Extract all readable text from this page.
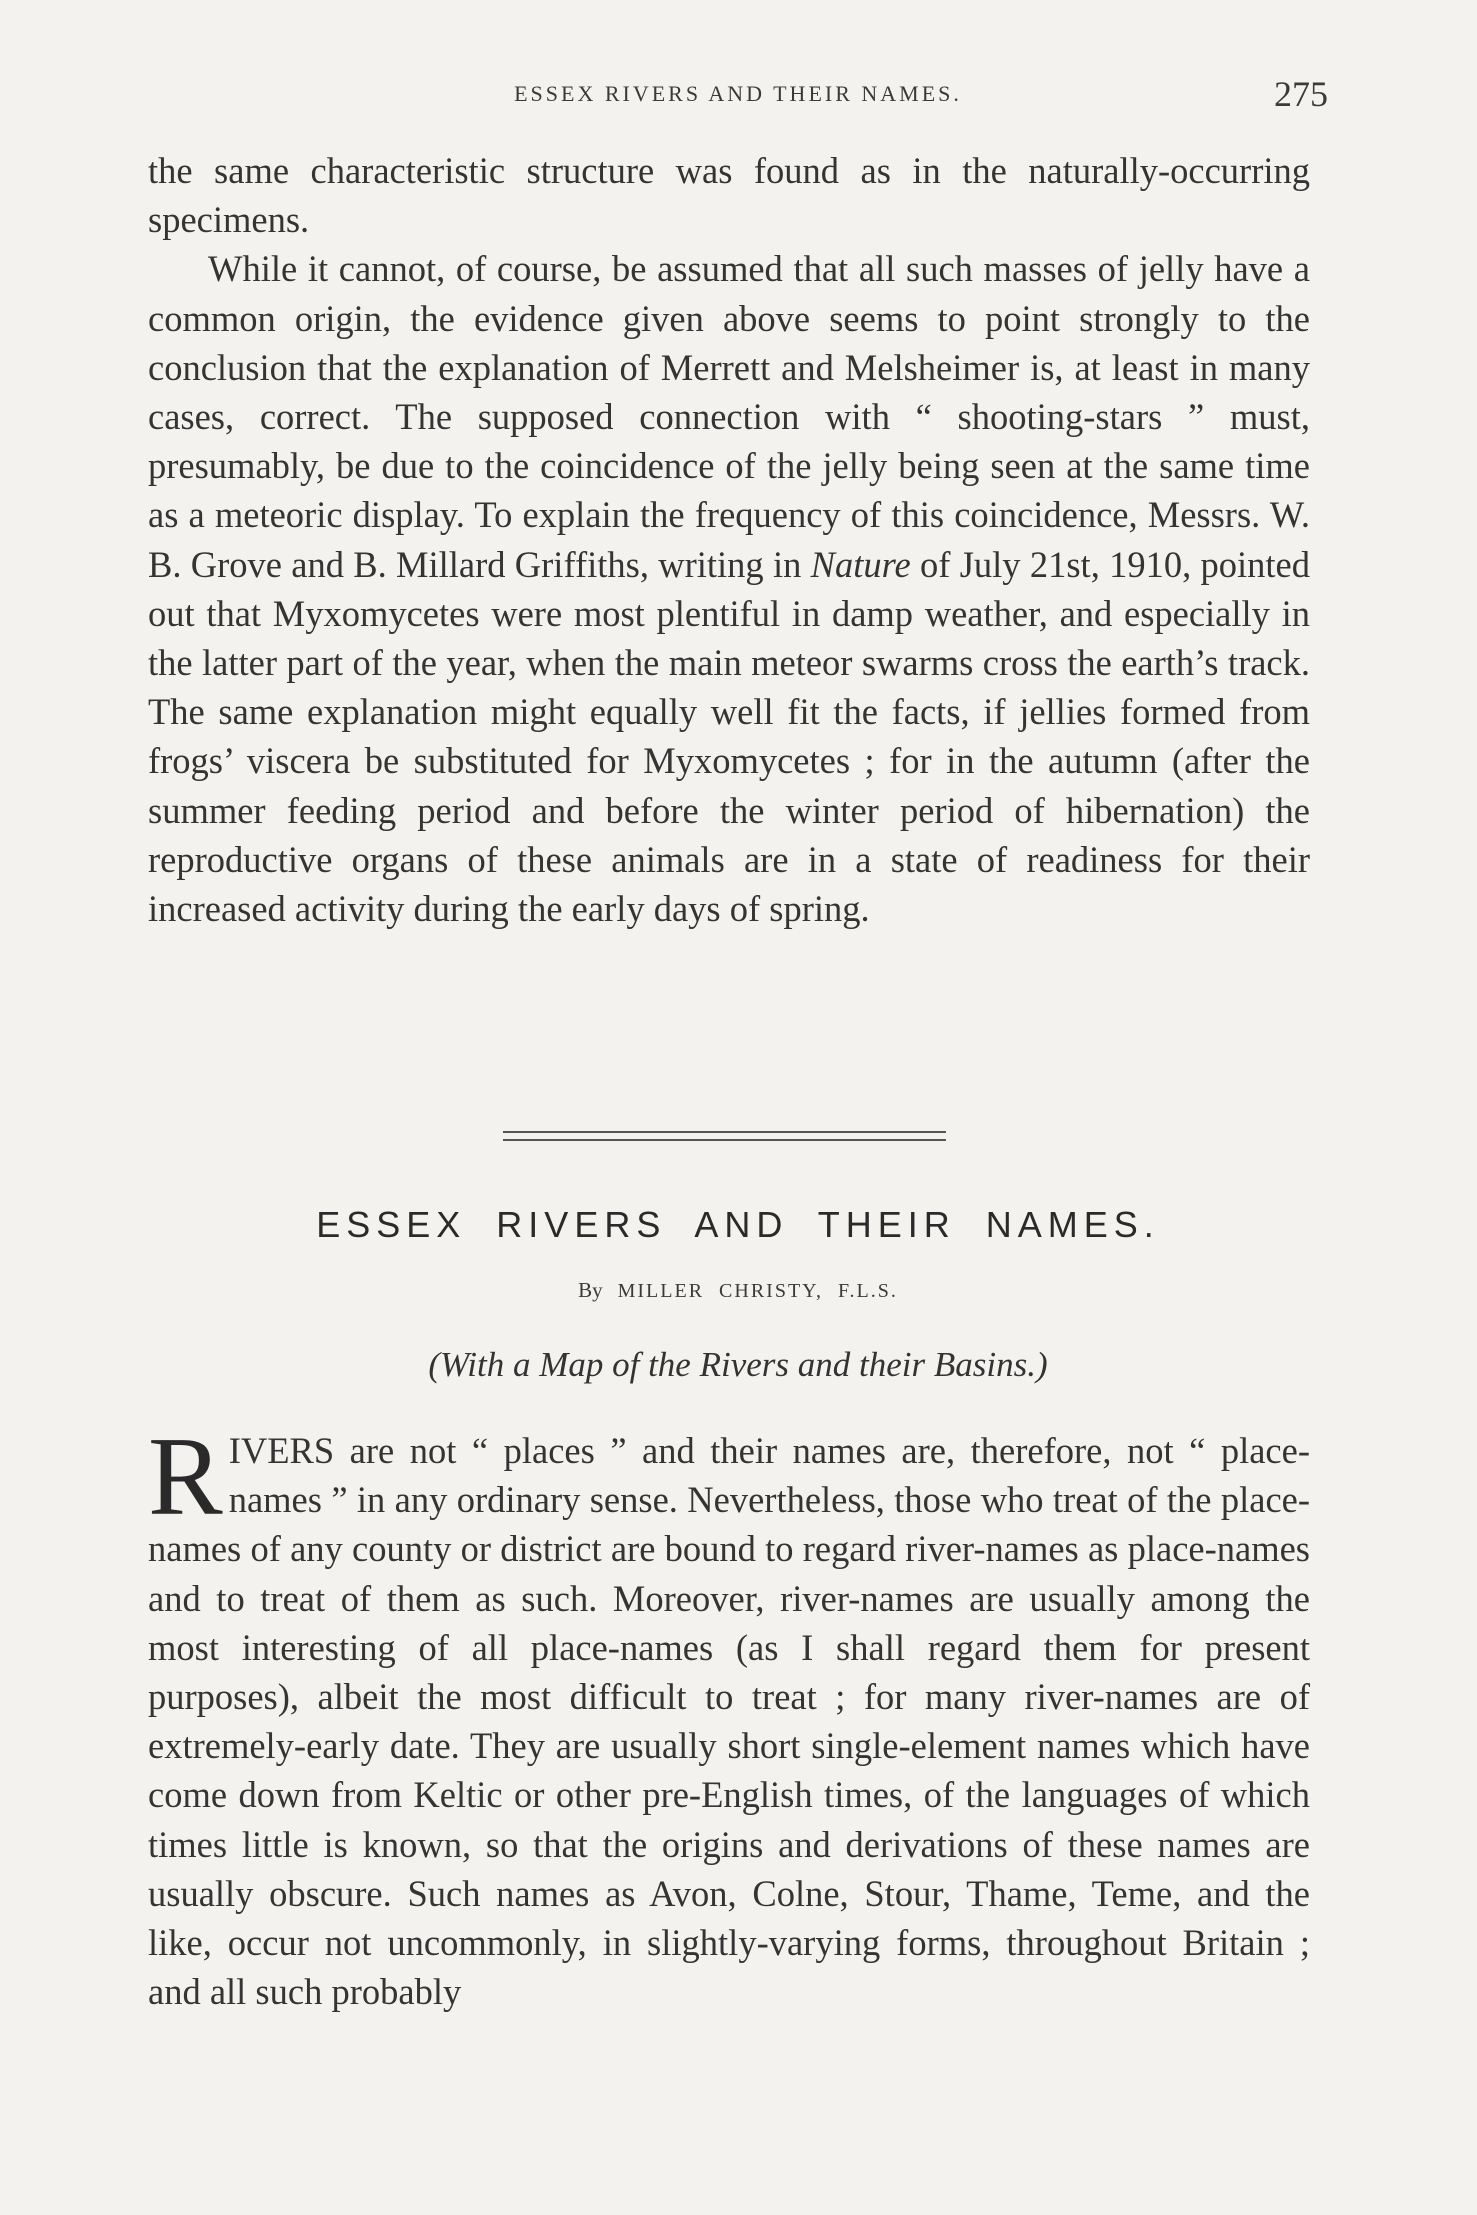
ESSEX RIVERS AND THEIR NAMES.	275

the same characteristic structure was found as in the naturally-occurring specimens.

While it cannot, of course, be assumed that all such masses of jelly have a common origin, the evidence given above seems to point strongly to the conclusion that the explanation of Merrett and Melsheimer is, at least in many cases, correct. The supposed connection with “ shooting-stars ” must, presumably, be due to the coincidence of the jelly being seen at the same time as a meteoric display. To explain the frequency of this coincidence, Messrs. W. B. Grove and B. Millard Griffiths, writing in Nature of July 21st, 1910, pointed out that Myxomycetes were most plentiful in damp weather, and especially in the latter part of the year, when the main meteor swarms cross the earth’s track. The same explanation might equally well fit the facts, if jellies formed from frogs’ viscera be substituted for Myxomycetes ; for in the autumn (after the summer feeding period and before the winter period of hibernation) the reproductive organs of these animals are in a state of readiness for their increased activity during the early days of spring.

ESSEX RIVERS AND THEIR NAMES.
By MILLER CHRISTY, F.L.S.
(With a Map of the Rivers and their Basins.)

RIVERS are not “ places ” and their names are, therefore, not “ place-names ” in any ordinary sense. Nevertheless, those who treat of the place-names of any county or district are bound to regard river-names as place-names and to treat of them as such. Moreover, river-names are usually among the most interesting of all place-names (as I shall regard them for present purposes), albeit the most difficult to treat ; for many river-names are of extremely-early date. They are usually short single-element names which have come down from Keltic or other pre-English times, of the languages of which times little is known, so that the origins and derivations of these names are usually obscure. Such names as Avon, Colne, Stour, Thame, Teme, and the like, occur not uncommonly, in slightly-varying forms, throughout Britain ; and all such probably
